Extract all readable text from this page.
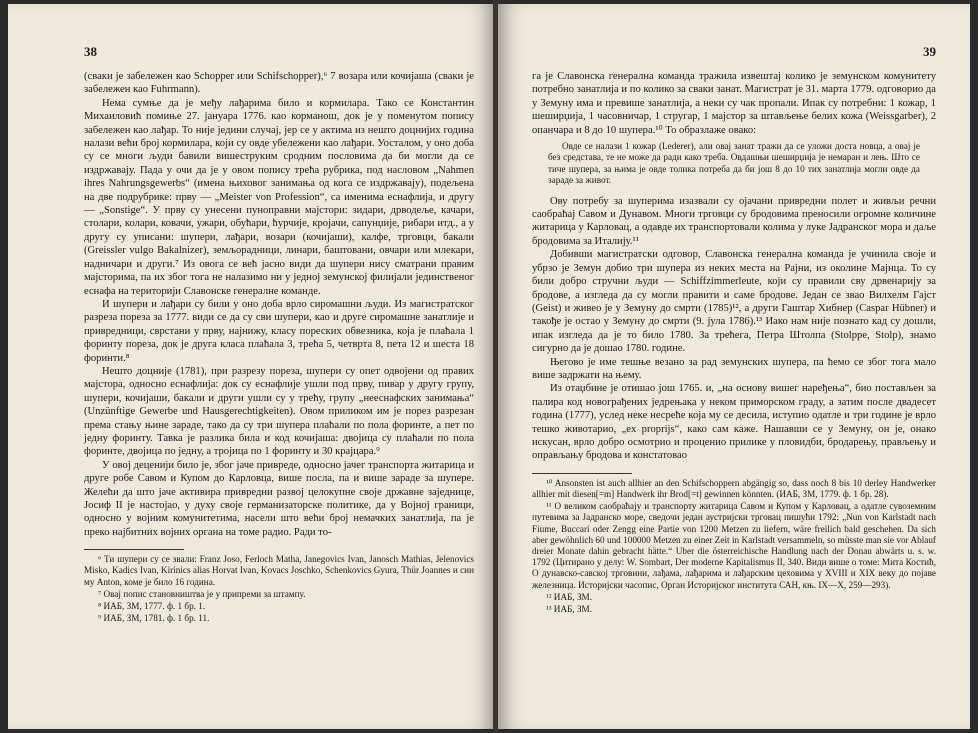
38

(сваки је забележен као Schopper или Schifschopper),⁶ 7 возара или кочијаша (сваки је забележен као Fuhrmann).

Нема сумње да је међу лађарима било и кормилара. Тако се Константин Михаиловић помиње 27. јануара 1776. као корманош, док је у поменутом попису забележен као лађар. То није једини случај, јер се у актима из нешто доцнијих година налази већи број кормилара, који су овде убележени као лађари. Уосталом, у оно доба су се многи људи бавили вишеструким сродним пословима да би могли да се издржавају. Пада у очи да је у овом попису трећа рубрика, под насловом „Nahmen ihres Nahrungsgewerbs“ (имена њиховог занимања од кога се издржавају), подељена на две подрубрике: прву — „Meister von Profession“, са именима еснафлија, и другу — „Sonstige“. У прву су унесени пуноправни мајстори: зидари, дрводеље, качари, столари, колари, ковачи, ужари, обућари, ћурчије, кројачи, сапунџије, рибари итд., а у другу су уписани: шупери, лађари, возари (кочијаши), калфе, трговци, бакали (Greissler vulgo Bakalnizer), земљорадници, линари, баштовани, овчари или млекари, надничари и други.⁷ Из овога се већ јасно види да шупери нису сматрани правим мајсторима, па их због тога не налазимо ни у једној земунској филијали јединственог еснафа на територији Славонске генералне команде.

И шупери и лађари су били у оно доба врло сиромашни људи. Из магистратског разреза пореза за 1777. види се да су сви шупери, као и друге сиромашне занатлије и привредници, сврстани у прву, најнижу, класу пореских обвезника, која је плаћала 1 форинту пореза, док је друга класа плаћала 3, трећа 5, четврта 8, пета 12 и шеста 18 форинти.⁸

Нешто доцније (1781), при разрезу пореза, шупери су опет одвојени од правих мајстора, односно еснафлија: док су еснафлије ушли под прву, пивар у другу групу, шупери, кочијаши, бакали и други ушли су у трећу, групу „нееснафских занимања“ (Unzünftige Gewerbe und Hausgerechtigkeiten). Овом приликом им је порез разрезан према стању њине зараде, тако да су три шупера плаћали по пола форинте, а пет по једну форинту. Тавка је разлика била и код кочијаша: двојица су плаћали по пола форинте, двојица по једну, а тројица по 1 форинту и 30 крајцара.⁹

У овој деценији било је, због јаче привреде, односно јачег транспорта житарица и друге робе Савом и Купом до Карловца, више посла, па и више зараде за шупере. Желећи да што јаче активира привредни развој целокупне своје државне заједнице, Јосиф II је настојао, у духу своје германизаторске политике, да у Војној граници, односно у војним комунитетима, насели што већи број немачких занатлија, па је преко најбитних војних органа на томе радио. Ради то-

⁶ Ти шупери су се звали: Franz Joso, Ferloch Matha, Janegovics Ivan, Janosch Mathias, Jelenovics Misko, Kadics Ivan, Kirinics alias Horvat Ivan, Kovacs Joschko, Schenkovics Gyura, Thür Joannes и син му Anton, коме је било 16 година.
⁷ Овај попис становништва је у припреми за штампу.
⁸ ИАБ, ЗМ, 1777. ф. 1 бр. 1.
⁹ ИАБ, ЗМ, 1781. ф. 1 бр. 11.
39

га је Славонска генерална команда тражила извештај колико је земунском комунитету потребно занатлија и по колико за сваки занат. Магистрат је 31. марта 1779. одговорио да у Земуну има и превише занатлија, а неки су чак пропали. Ипак су потребни: 1 кожар, 1 шеширџија, 1 часовничар, 1 стругар, 1 мајстор за штављење белих кожа (Weissgarber), 2 опанчара и 8 до 10 шупера.¹⁰ То образлаже овако:

Овде се налази 1 кожар (Lederer), али овај занат тражи да се уложи доста новца, а овај је без средстава, те не може да ради како треба. Овдашњи шеширџија је немаран и лењ. Што се тиче шупера, за њима је овде толика потреба да би још 8 до 10 тих занатлија могли овде да зараде за живот.

Ову потребу за шуперима изазвали су ојачани привредни полет и живљи речни саобраћај Савом и Дунавом. Многи трговци су бродовима преносили огромне количине житарица у Карловац, а одавде их транспортовали колима у луке Јадранског мора и даље бродовима за Италију.¹¹

Добивши магистратски одговор, Славонска генерална команда је учинила своје и убрзо је Земун добио три шупера из неких места на Рајни, из околине Мајнца. То су били добро стручни људи — Schiffzimmerleute, који су правили сву дрвенарију за бродове, а изгледа да су могли правити и саме бродове. Један се звао Вилхелм Гајст (Geist) и живео је у Земуну до смрти (1785)¹², а други Гаштар Хибнер (Caspar Hübner) и такође је остао у Земуну до смрти (9. јула 1786).¹³ Иако нам није познато кад су дошли, ипак изгледа да је то било 1780. За трећега, Петра Штолпа (Stolppe, Stolp), знамо сигурно да је дошао 1780. године.

Његово је име тешње везано за рад земунских шупера, па ћемо се због тога мало више задржати на њему.

Из отаџбине је отишао још 1765. и, „на основу вишег наређења“, био постављен за палира код новограђених једрењака у неком приморском граду, а затим после двадесет година (1777), услед неке несреће која му се десила, иступио одатле и три године је врло тешко животарио, „ex proprijs“, како сам каже. Нашавши се у Земуну, он је, онако искусан, врло добро осмотрио и проценио прилике у пловидби, бродарењу, прављењу и оправљању бродова и констатовао

¹⁰ Ansonsten ist auch allhier an den Schifschoppern abgängig so, dass noch 8 bis 10 derley Handwerker allhier mit diesen[=m] Handwerk ihr Brod[=t] gewinnen könnten. (ИАБ, ЗМ, 1779. ф. 1 бр. 28).
¹¹ О великом саобраћају и транспорту житарица Савом и Купом у Карловац, а одатле сувоземним путевима за Јадранско море, сведочи један аустријски трговац пишући 1792: „Nun von Karlstadt nach Fiume, Buccari oder Zengg eine Partie von 1200 Metzen zu liefern, wäre freilich bald geschehen. Da sich aber gewöhnlich 60 und 100000 Metzen zu einer Zeit in Karlstadt versammeln, so müsste man sie vor Ablauf dreier Monate dahin gebracht hätte.“ Uber die österreichische Handlung nach der Donau abwärts u. s. w. 1792 (Цитирано у делу: W. Sombart, Der moderne Kapitalismus II, 340. Види више о томе: Мита Костић, О дунавско-савској трговини, лађама, лађарима и лађарским цеховима у XVIII и XIX веку до појаве железница. Историјски часопис, Орган Историјског института САН, књ. IX—X, 259—293).
¹² ИАБ, ЗМ.
¹³ ИАБ, ЗМ.
